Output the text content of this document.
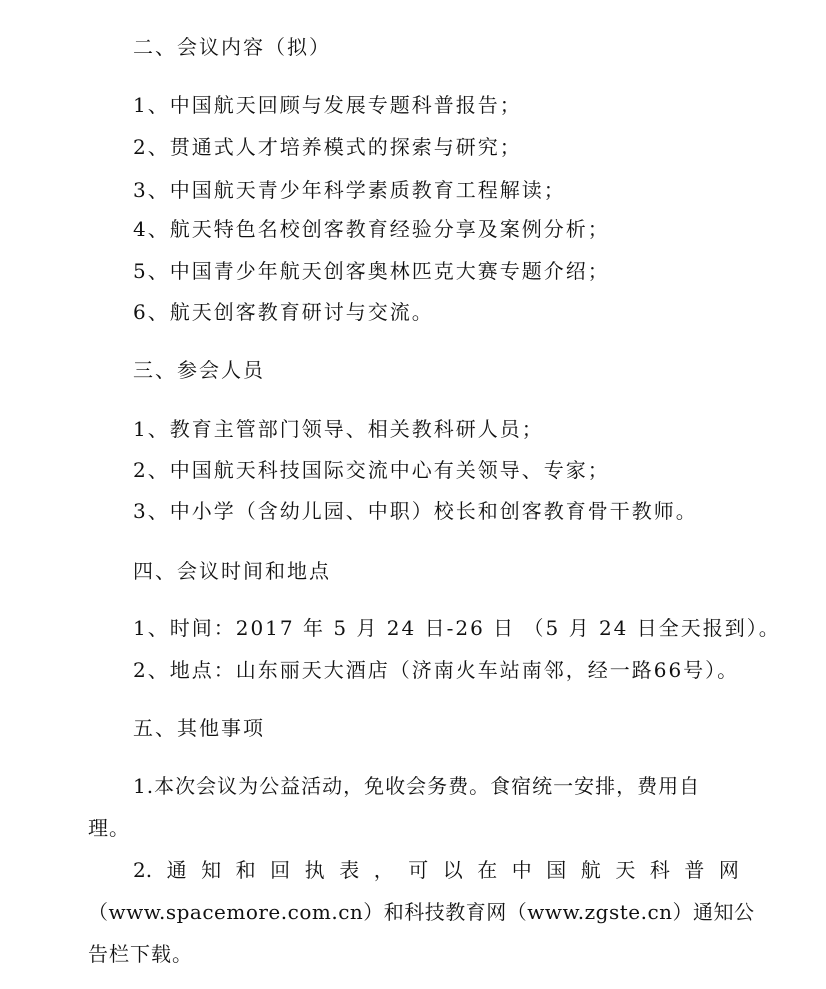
二、会议内容（拟）
1、中国航天回顾与发展专题科普报告；
2、贯通式人才培养模式的探索与研究；
3、中国航天青少年科学素质教育工程解读；
4、航天特色名校创客教育经验分享及案例分析；
5、中国青少年航天创客奥林匹克大赛专题介绍；
6、航天创客教育研讨与交流。
三、参会人员
1、教育主管部门领导、相关教科研人员；
2、中国航天科技国际交流中心有关领导、专家；
3、中小学（含幼儿园、中职）校长和创客教育骨干教师。
四、会议时间和地点
1、时间：2017 年 5 月 24 日-26 日 （5 月 24 日全天报到）。
2、地点：山东丽天大酒店（济南火车站南邻，经一路66号）。
五、其他事项
1.本次会议为公益活动，免收会务费。食宿统一安排，费用自
理。
2. 通 知 和 回 执 表 ， 可 以 在 中 国 航 天 科 普 网
（www.spacemore.com.cn）和科技教育网（www.zgste.cn）通知公
告栏下载。
